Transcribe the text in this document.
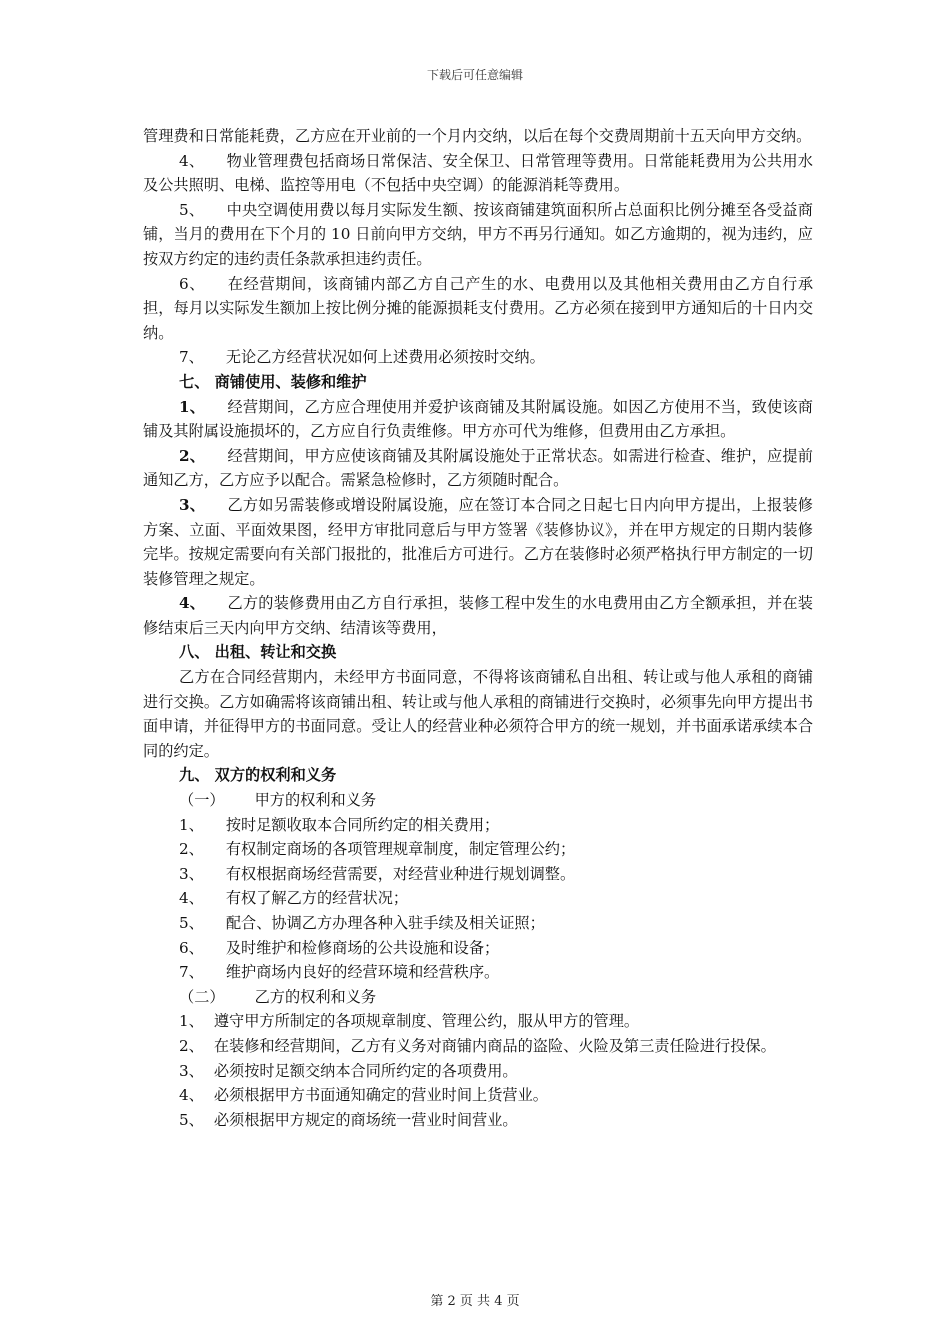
下载后可任意编辑

管理费和日常能耗费，乙方应在开业前的一个月内交纳，以后在每个交费周期前十五天向甲方交纳。

4、 物业管理费包括商场日常保洁、安全保卫、日常管理等费用。日常能耗费用为公共用水及公共照明、电梯、监控等用电（不包括中央空调）的能源消耗等费用。

5、 中央空调使用费以每月实际发生额、按该商铺建筑面积所占总面积比例分摊至各受益商铺，当月的费用在下个月的 10 日前向甲方交纳，甲方不再另行通知。如乙方逾期的，视为违约，应按双方约定的违约责任条款承担违约责任。

6、 在经营期间，该商铺内部乙方自己产生的水、电费用以及其他相关费用由乙方自行承担，每月以实际发生额加上按比例分摊的能源损耗支付费用。乙方必须在接到甲方通知后的十日内交纳。

7、 无论乙方经营状况如何上述费用必须按时交纳。

七、 商铺使用、装修和维护

1、 经营期间，乙方应合理使用并爱护该商铺及其附属设施。如因乙方使用不当，致使该商铺及其附属设施损坏的，乙方应自行负责维修。甲方亦可代为维修，但费用由乙方承担。

2、 经营期间，甲方应使该商铺及其附属设施处于正常状态。如需进行检查、维护，应提前通知乙方，乙方应予以配合。需紧急检修时，乙方须随时配合。

3、 乙方如另需装修或增设附属设施，应在签订本合同之日起七日内向甲方提出，上报装修方案、立面、平面效果图，经甲方审批同意后与甲方签署《装修协议》，并在甲方规定的日期内装修完毕。按规定需要向有关部门报批的，批准后方可进行。乙方在装修时必须严格执行甲方制定的一切装修管理之规定。

4、 乙方的装修费用由乙方自行承担，装修工程中发生的水电费用由乙方全额承担，并在装修结束后三天内向甲方交纳、结清该等费用，

八、 出租、转让和交换

乙方在合同经营期内，未经甲方书面同意，不得将该商铺私自出租、转让或与他人承租的商铺进行交换。乙方如确需将该商铺出租、转让或与他人承租的商铺进行交换时，必须事先向甲方提出书面申请，并征得甲方的书面同意。受让人的经营业种必须符合甲方的统一规划，并书面承诺承续本合同的约定。

九、 双方的权利和义务

（一） 甲方的权利和义务

1、 按时足额收取本合同所约定的相关费用；

2、 有权制定商场的各项管理规章制度，制定管理公约；

3、 有权根据商场经营需要，对经营业种进行规划调整。

4、 有权了解乙方的经营状况；

5、 配合、协调乙方办理各种入驻手续及相关证照；

6、 及时维护和检修商场的公共设施和设备；

7、 维护商场内良好的经营环境和经营秩序。

（二） 乙方的权利和义务

1、 遵守甲方所制定的各项规章制度、管理公约，服从甲方的管理。

2、 在装修和经营期间，乙方有义务对商铺内商品的盗险、火险及第三责任险进行投保。

3、 必须按时足额交纳本合同所约定的各项费用。

4、 必须根据甲方书面通知确定的营业时间上货营业。

5、 必须根据甲方规定的商场统一营业时间营业。

第 2 页 共 4 页
